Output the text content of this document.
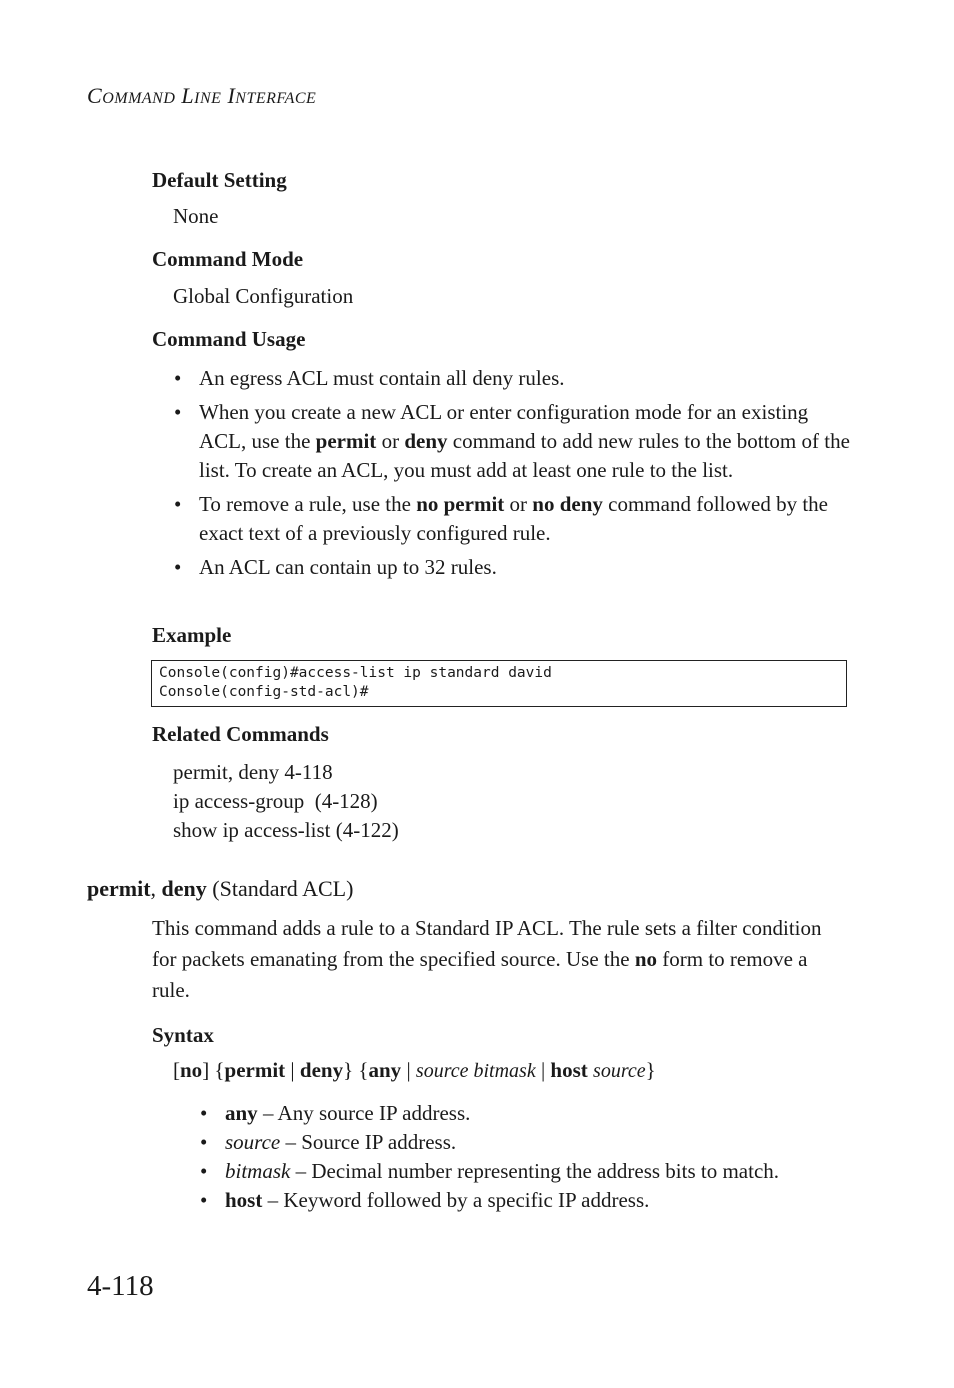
COMMAND LINE INTERFACE
Default Setting
None
Command Mode
Global Configuration
Command Usage
• An egress ACL must contain all deny rules.
• When you create a new ACL or enter configuration mode for an existing ACL, use the permit or deny command to add new rules to the bottom of the list. To create an ACL, you must add at least one rule to the list.
• To remove a rule, use the no permit or no deny command followed by the exact text of a previously configured rule.
• An ACL can contain up to 32 rules.
Example
Console(config)#access-list ip standard david
Console(config-std-acl)#
Related Commands
permit, deny 4-118
ip access-group  (4-128)
show ip access-list (4-122)
permit, deny (Standard ACL)
This command adds a rule to a Standard IP ACL. The rule sets a filter condition for packets emanating from the specified source. Use the no form to remove a rule.
Syntax
[no] {permit | deny} {any | source bitmask | host source}
• any – Any source IP address.
• source – Source IP address.
• bitmask – Decimal number representing the address bits to match.
• host – Keyword followed by a specific IP address.
4-118
